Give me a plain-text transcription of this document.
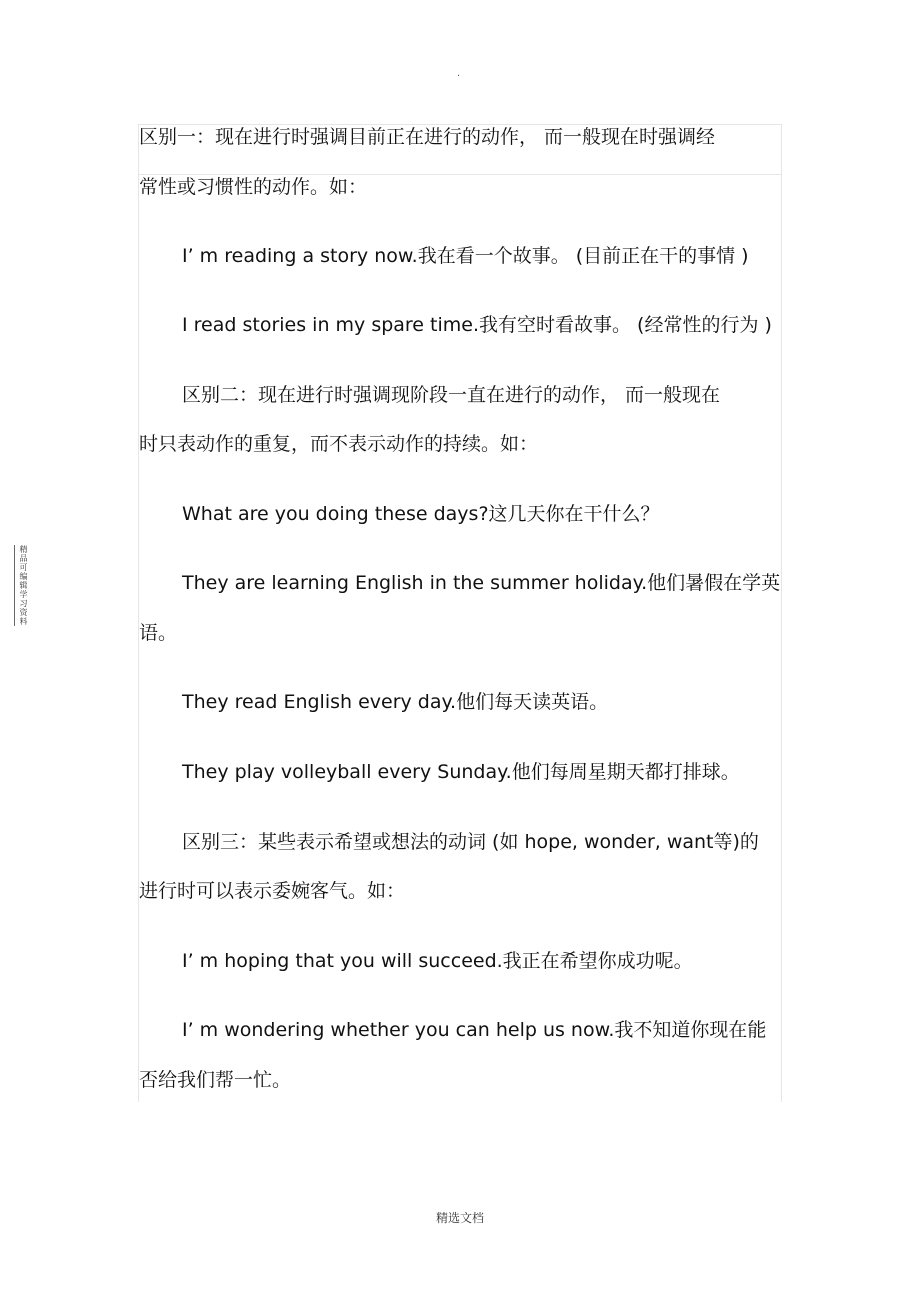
.
精品可编辑学习资料
区别一：现在进行时强调目前正在进行的动作， 而一般现在时强调经
常性或习惯性的动作。如：
I’ m reading a story now.我在看一个故事。 (目前正在干的事情 )
I read stories in my spare time.我有空时看故事。 (经常性的行为 )
区别二：现在进行时强调现阶段一直在进行的动作， 而一般现在
时只表动作的重复，而不表示动作的持续。如：
What are you doing these days?这几天你在干什么？
They are learning English in the summer holiday.他们暑假在学英
语。
They read English every day.他们每天读英语。
They play volleyball every Sunday.他们每周星期天都打排球。
区别三：某些表示希望或想法的动词 (如 hope, wonder, want等)的
进行时可以表示委婉客气。如：
I’ m hoping that you will succeed.我正在希望你成功呢。
I’ m wondering whether you can help us now.我不知道你现在能
否给我们帮一忙。
精选文档
